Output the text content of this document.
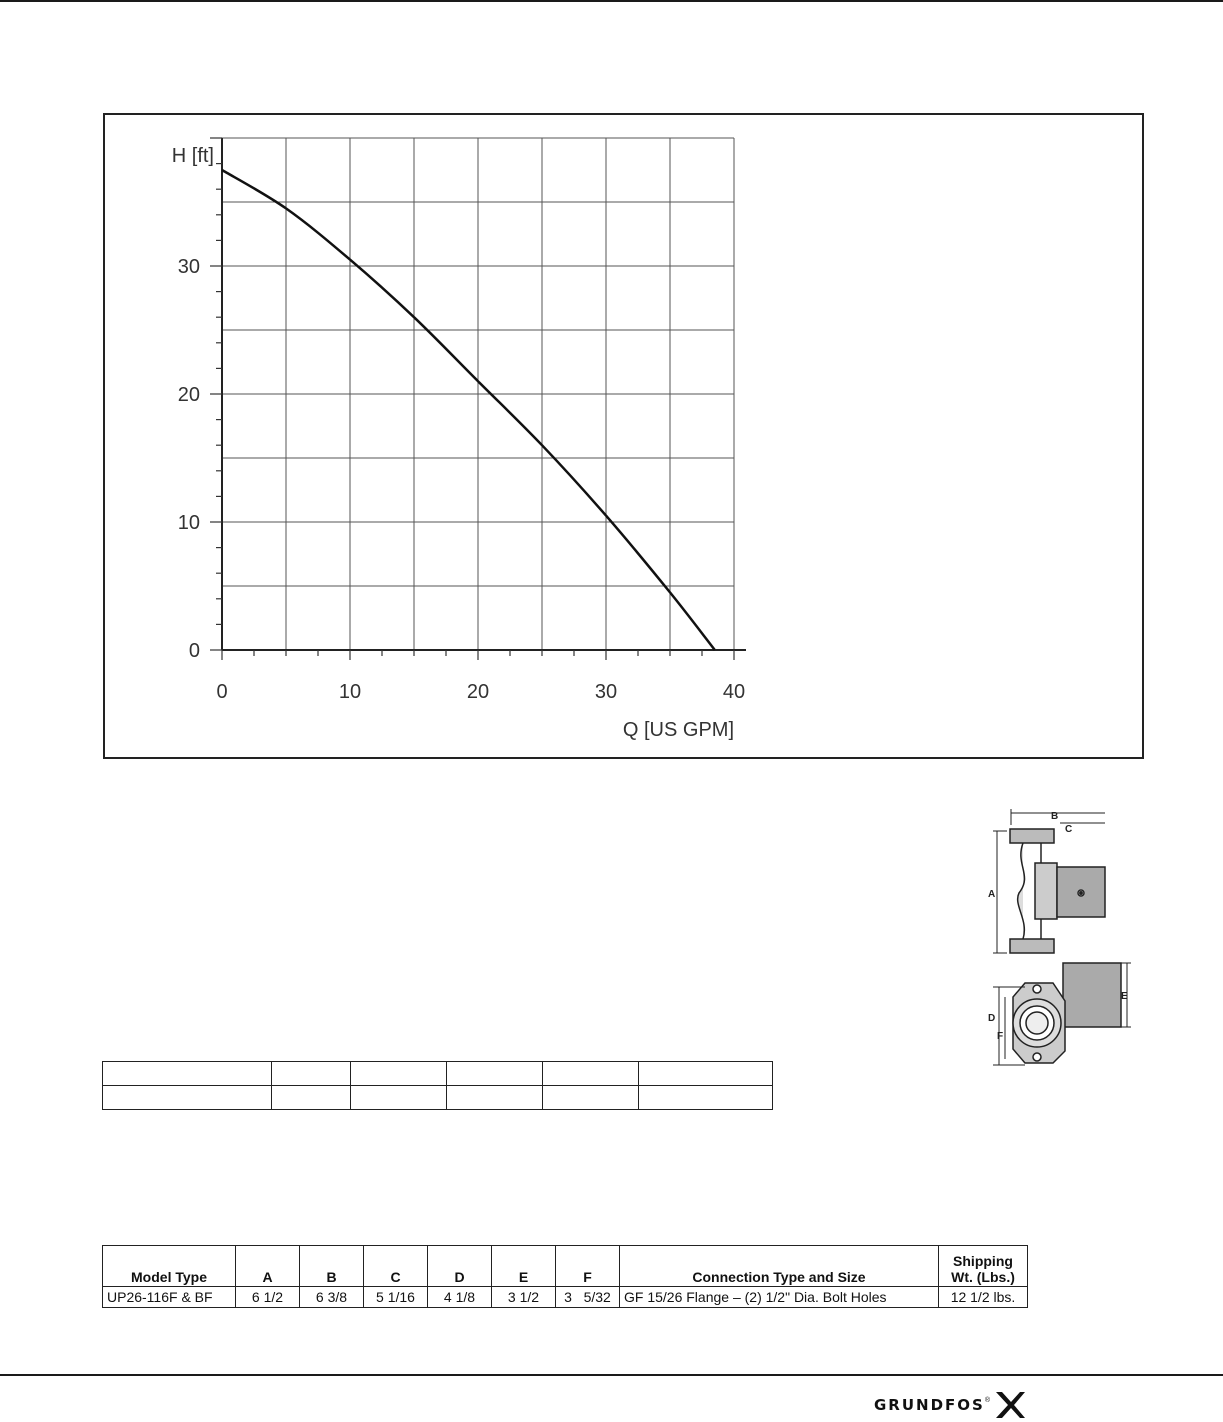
0	10	20	30	40
0
10
20
30
H [ft]
Q [US GPM]
B
C
A
E
D
F

Model Type	A	B	C	D	E	F	Connection Type and Size	Shipping
Wt. (Lbs.)

UP26-116F & BF	6 1/2	6 3/8	5 1/16	4 1/8	3 1/2	3   5/32	GF 15/26 Flange – (2) 1/2" Dia. Bolt Holes	12 1/2 lbs.
GRUNDFOS ®
